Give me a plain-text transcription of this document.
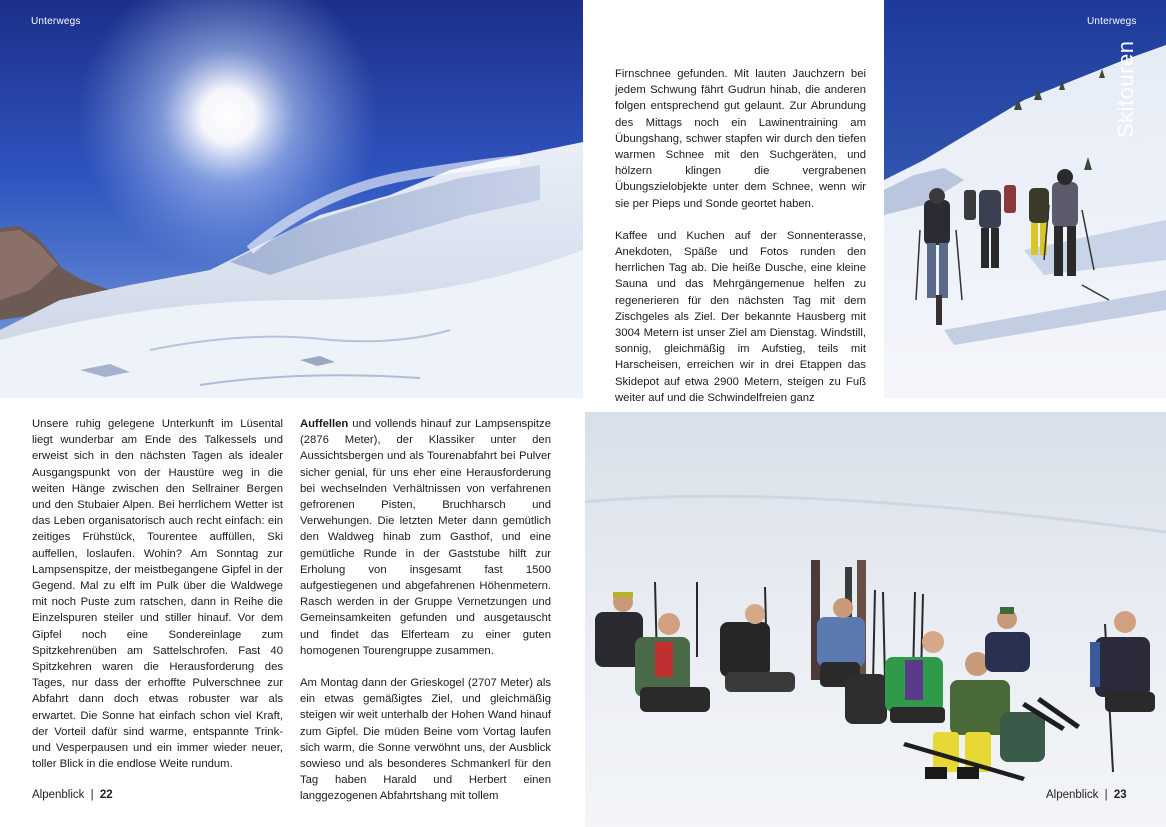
Unterwegs

Firnschnee gefunden. Mit lauten Jauchzern bei jedem Schwung fährt Gudrun hinab, die anderen folgen entsprechend gut gelaunt. Zur Abrundung des Mittags noch ein Lawinentraining am Übungshang, schwer stapfen wir durch den tiefen warmen Schnee mit den Suchgeräten, und hölzern klingen die vergrabenen Übungszielobjekte unter dem Schnee, wenn wir sie per Pieps und Sonde geortet haben.

Kaffee und Kuchen auf der Sonnenterasse, Anekdoten, Späße und Fotos runden den herrlichen Tag ab. Die heiße Dusche, eine kleine Sauna und das Mehrgängemenue helfen zu regenerieren für den nächsten Tag mit dem Zischgeles als Ziel. Der bekannte Hausberg mit 3004 Metern ist unser Ziel am Dienstag. Windstill, sonnig, gleichmäßig im Aufstieg, teils mit Harscheisen, erreichen wir in drei Etappen das Skidepot auf etwa 2900 Metern, steigen zu Fuß weiter auf und die Schwindelfreien ganz

Unterwegs
Skitouren

Unsere ruhig gelegene Unterkunft im Lüsental liegt wunderbar am Ende des Talkessels und erweist sich in den nächsten Tagen als idealer Ausgangspunkt von der Haustüre weg in die weiten Hänge zwischen den Sellrainer Bergen und den Stubaier Alpen. Bei herrlichem Wetter ist das Leben organisatorisch auch recht einfach: ein zeitiges Frühstück, Tourentee auffüllen, Ski auffellen, loslaufen. Wohin? Am Sonntag zur Lampsenspitze, der meistbegangene Gipfel in der Gegend. Mal zu elft im Pulk über die Waldwege mit noch Puste zum ratschen, dann in Reihe die Einzelspuren steiler und stiller hinauf. Vor dem Gipfel noch eine Sondereinlage zum Spitzkehrenüben am Sattelschrofen. Fast 40 Spitzkehren waren die Herausforderung des Tages, nur dass der erhoffte Pulverschnee zur Abfahrt dann doch etwas robuster war als erwartet. Die Sonne hat einfach schon viel Kraft, der Vorteil dafür sind warme, entspannte Trink- und Vesperpausen und ein immer wieder neuer, toller Blick in die endlose Weite rundum.

Auffellen und vollends hinauf zur Lampsenspitze (2876 Meter), der Klassiker unter den Aussichtsbergen und als Tourenabfahrt bei Pulver sicher genial, für uns eher eine Herausforderung bei wechselnden Verhältnissen von verfahrenen gefrorenen Pisten, Bruchharsch und Verwehungen. Die letzten Meter dann gemütlich den Waldweg hinab zum Gasthof, und eine gemütliche Runde in der Gaststube hilft zur Erholung von insgesamt fast 1500 aufgestiegenen und abgefahrenen Höhenmetern. Rasch werden in der Gruppe Vernetzungen und Gemeinsamkeiten gefunden und ausgetauscht und findet das Elferteam zu einer guten homogenen Tourengruppe zusammen.

Am Montag dann der Grieskogel (2707 Meter) als ein etwas gemäßigtes Ziel, und gleichmäßig steigen wir weit unterhalb der Hohen Wand hinauf zum Gipfel. Die müden Beine vom Vortag laufen sich warm, die Sonne verwöhnt uns, der Ausblick sowieso und als besonderes Schmankerl für den Tag haben Harald und Herbert einen langgezogenen Abfahrtshang mit tollem

Alpenblick | 22	Alpenblick | 23
